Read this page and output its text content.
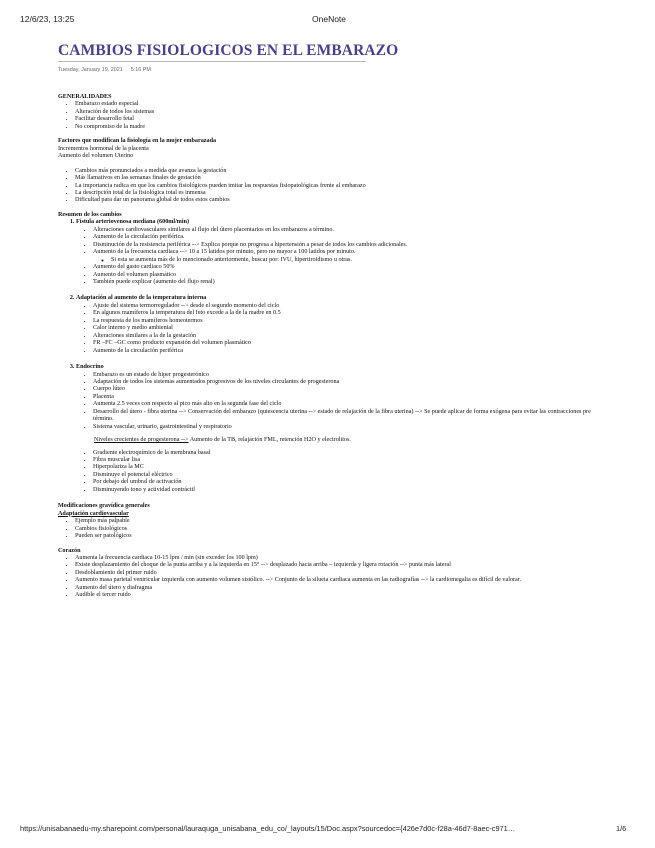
12/6/23, 13:25	OneNote
CAMBIOS FISIOLOGICOS EN EL EMBARAZO
Tuesday, January 19, 2021 5:16 PM

GENERALIDADES

• Embarazo estado especial
• Alteración de todos los sistemas
• Facilitar desarrollo fetal
• No compromiso de la madre

Factores que modifican la fisiología en la mujer embarazada

Incrementos hormonal de la placenta

Aumento del volumen Uterino

• Cambios más pronunciados a medida que avanza la gestación
• Más llamativos en las semanas finales de gestación
• La importancia radica en que los cambios fisiológicos pueden imitar las respuestas fisiopatológicas frente al embarazo
• La descripción total de la fisiológica total es inmensa
• Dificultad para dar un panorama global de todos estos cambios

Resumen de los cambios

1. Fístula arteriovenosa mediana (600ml/min)
• Alteraciones cardiovasculares similares al flujo del útero placentarios en los embarazos a término.
• Aumento de la circulación periférica.
• Disminución de la resistencia periférica --> Explica porque no progresa a hipertensión a pesar de todos los cambios adicionales.
• Aumento de la frecuencia cardiaca --> 10 a 15 latidos por minuto, pero no mayor a 100 latidos por minuto.
◦ Si esta se aumenta más de lo mencionado anteriormente, buscar por: IVU, hipertiroidismo u otras.
• Aumento del gasto cardiaco 50%
• Aumento del volumen plasmático
• También puede explicar (aumento del flujo renal)
2. Adaptación al aumento de la temperatura interna
• Ajuste del sistema termorregulador --> desde el segundo momento del ciclo
• En algunos mamíferos la temperatura del feto excede a la de la madre en 0.5
• La respuesta de los mamíferos homeotermos
• Calor interno y medio ambiental
• Alteraciones similares a la de la gestación
• FR –FC –GC como producto expansión del volumen plasmático
• Aumento de la circulación periférica
3. Endocrino
• Embarazo es un estado de hiper progesterónico
• Adaptación de todos los sistemas aumentados progresivos de los niveles circulantes de progesterona
• Cuerpo lúteo
• Placenta
• Aumenta 2.5 veces con respecto al pico más alto en la segunda fase del ciclo
• Desarrollo del útero - fibra uterina --> Conservación del embarazo (quiescencia uterina --> estado de relajación de la fibra uterina) --> Se puede aplicar de forma exógena para evitar las contracciones pre término.
• Sistema vascular, urinario, gastrointestinal y respiratorio

Niveles crecientes de progesterona --> Aumento de la TB, relajación FML, retención H2O y electrolitos.

• Gradiente electroquímico de la membrana basal
• Fibra muscular lisa
• Hiperpolariza la MC
• Disminuye el potencial eléctrico
• Por debajo del umbral de activación
• Disminuyendo tono y actividad contráctil

Modificaciones gravídica generales

Adaptación cardiovascular

• Ejemplo más palpable
• Cambios fisiológicos
• Pueden ser patológicos

Corazón

• Aumenta la frecuencia cardiaca 10-15 lpm / min (sin exceder los 100 lpm)
• Existe desplazamiento del choque de la punta arriba y a la izquierda en 15° --> desplazado hacia arriba – izquierda y ligera rotación --> punta más lateral
• Desdoblamiento del primer ruido
• Aumento masa parietal ventricular izquierda con aumento volumen sistólico. --> Conjunto de la silueta cardiaca aumenta en las radiografías --> la cardiomegalia es difícil de valorar.
• Aumento del útero y diafragma
• Audible el tercer ruido
https://unisabanaedu-my.sharepoint.com/personal/lauraquga_unisabana_edu_co/_layouts/15/Doc.aspx?sourcedoc={426e7d0c-f28a-46d7-8aec-c971…	1/6
